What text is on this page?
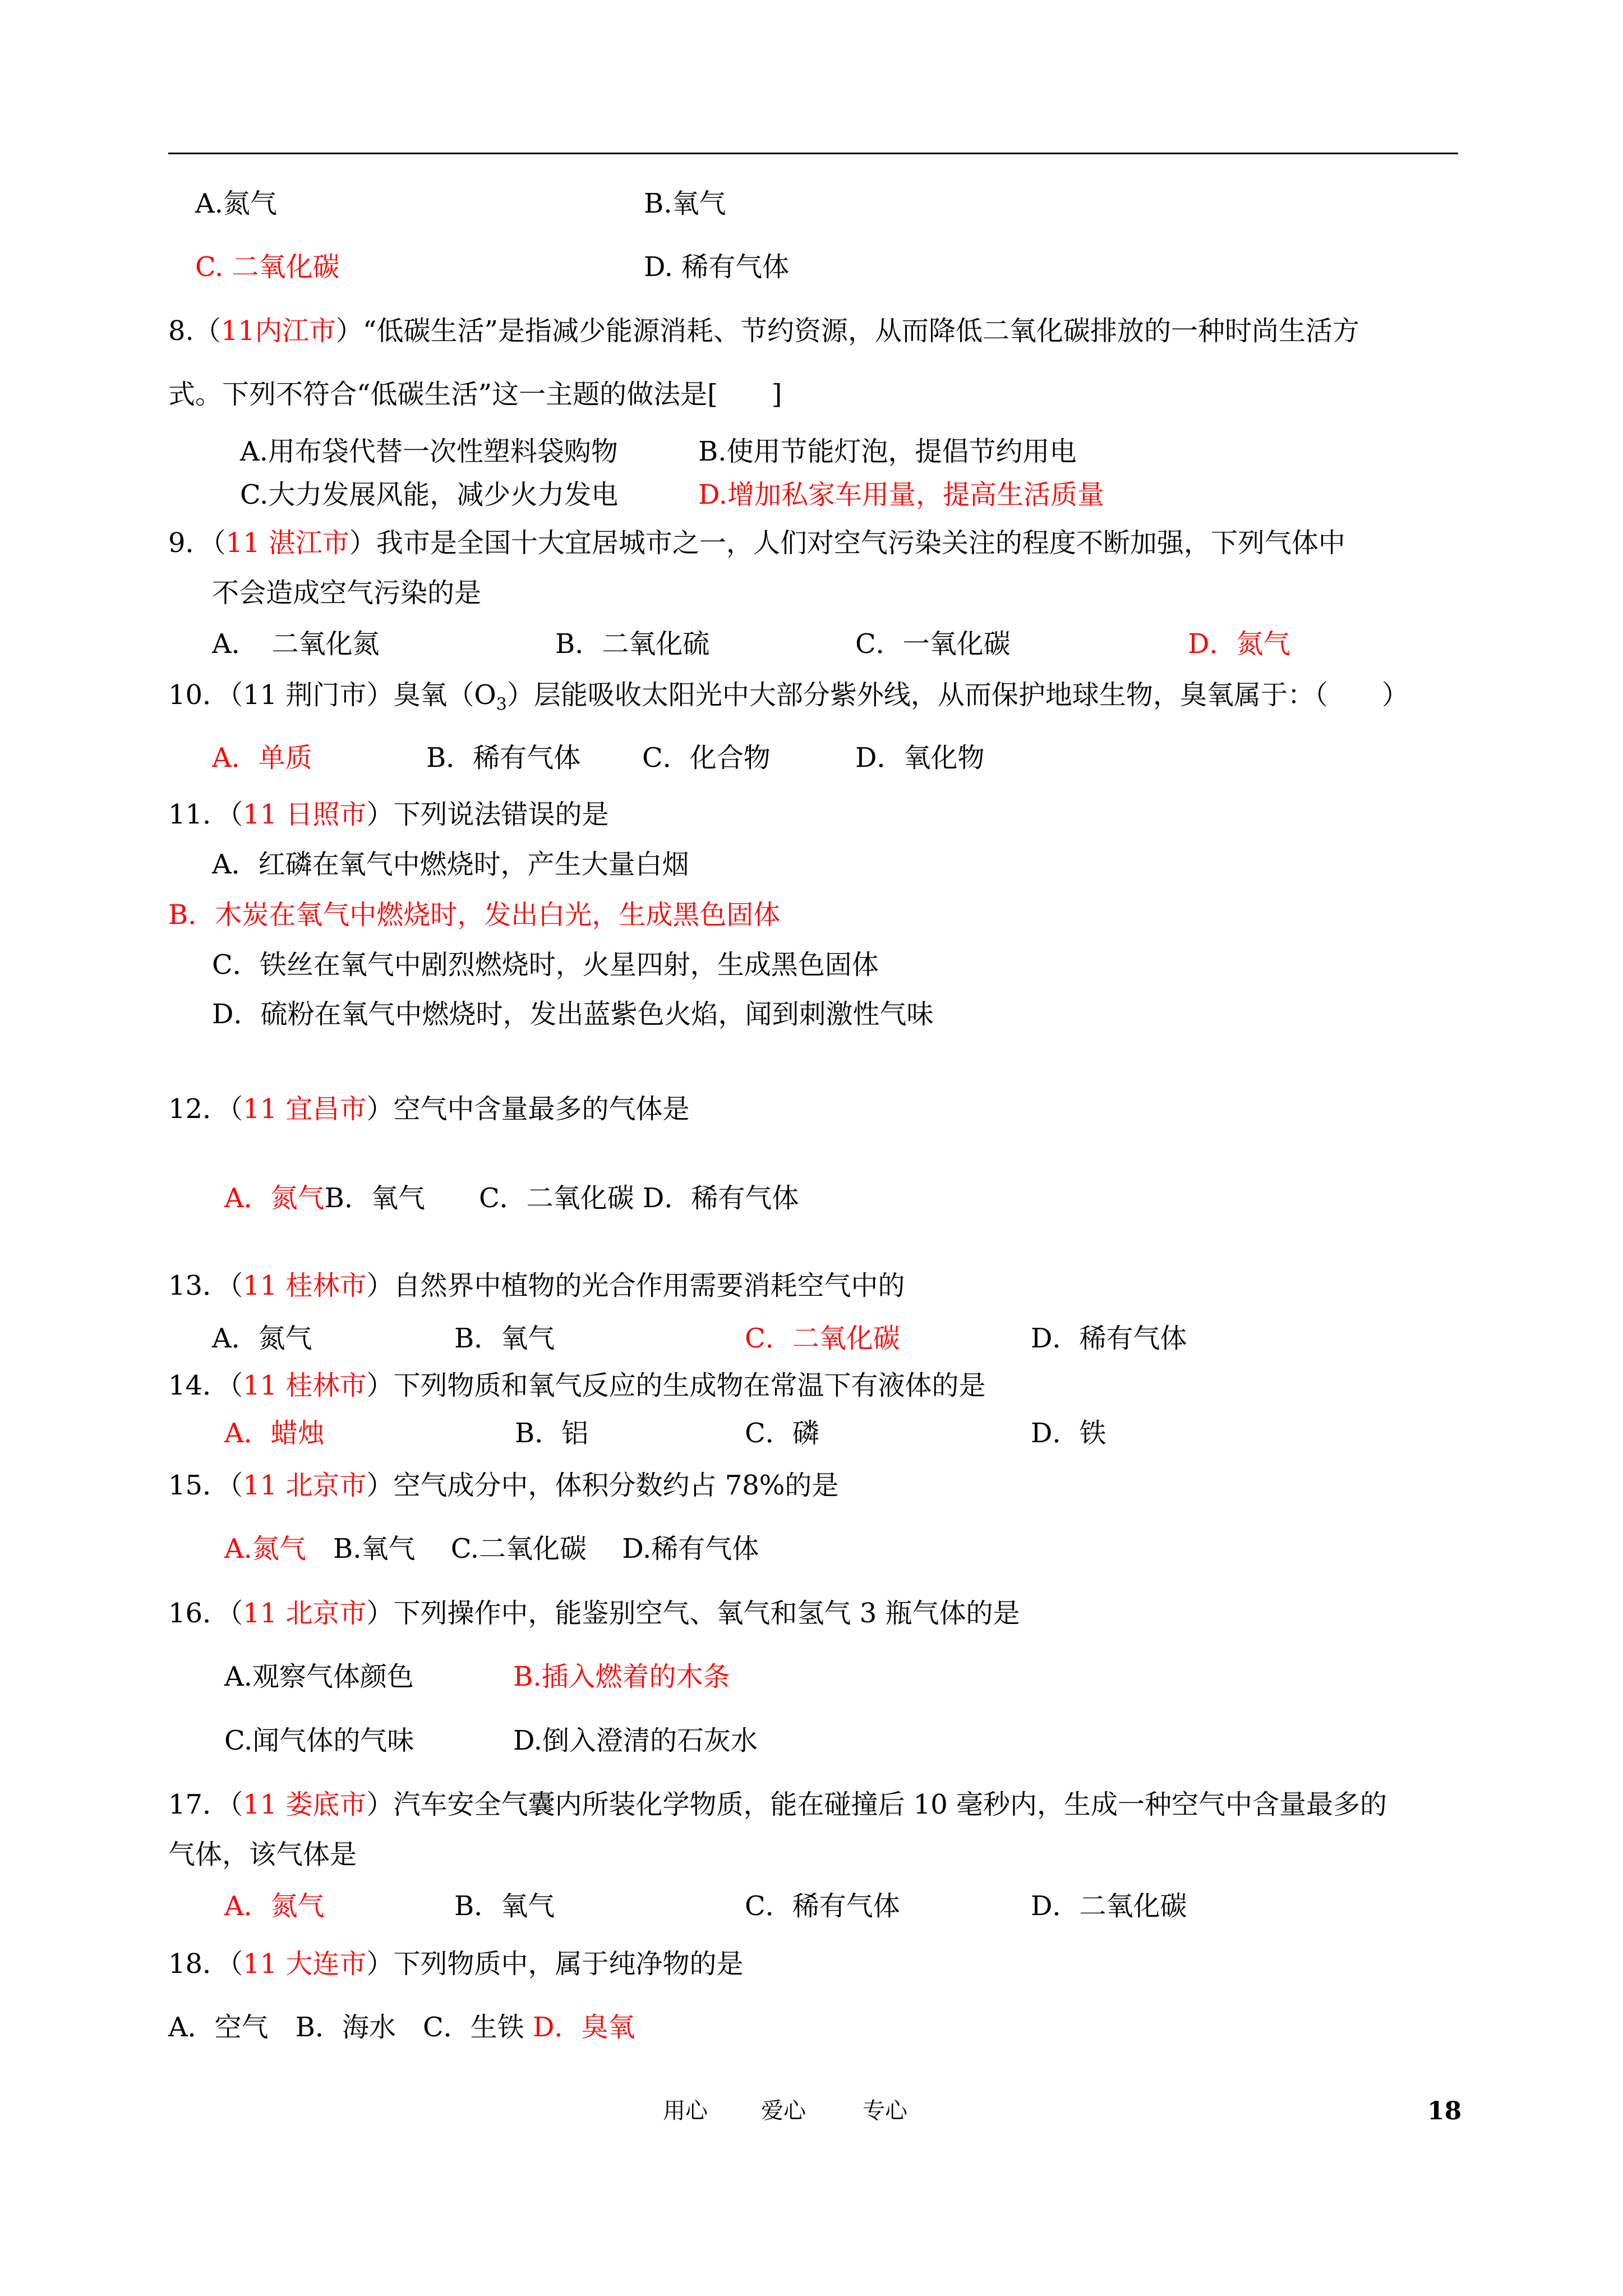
A.氮气	B.氧气
C. 二氧化碳	D. 稀有气体
8.（11内江市）“低碳生活”是指减少能源消耗、节约资源，从而降低二氧化碳排放的一种时尚生活方
式。下列不符合“低碳生活”这一主题的做法是[　　]
A.用布袋代替一次性塑料袋购物	B.使用节能灯泡，提倡节约用电
C.大力发展风能，减少火力发电	D.增加私家车用量，提高生活质量
9．（11 湛江市）我市是全国十大宜居城市之一，人们对空气污染关注的程度不断加强，下列气体中
不会造成空气污染的是
A．　二氧化氮	B．二氧化硫	C．一氧化碳	D．氮气
10．（11 荆门市）臭氧$(O_3)$层能吸收太阳光中大部分紫外线，从而保护地球生物，臭氧属于：（　　）
A．单质	B．稀有气体 C．化合物	D．氧化物
11．（11 日照市）下列说法错误的是
A．红磷在氧气中燃烧时，产生大量白烟
B．木炭在氧气中燃烧时，发出白光，生成黑色固体
C．铁丝在氧气中剧烈燃烧时，火星四射，生成黑色固体
D．硫粉在氧气中燃烧时，发出蓝紫色火焰，闻到刺激性气味
12．（11 宜昌市）空气中含量最多的气体是
A．氮气B．氧气　　C．二氧化碳 D．稀有气体
13．（11 桂林市）自然界中植物的光合作用需要消耗空气中的
A．氮气	B．氧气	C．二氧化碳	D．稀有气体
14．（11 桂林市）下列物质和氧气反应的生成物在常温下有液体的是
A．蜡烛	B．铝	C．磷	D．铁
15．（11 北京市）空气成分中，体积分数约占 78%的是
A.氮气　B.氧气　 C.二氧化碳　 D.稀有气体
16．（11 北京市）下列操作中，能鉴别空气、氧气和氢气 3 瓶气体的是
A.观察气体颜色	B.插入燃着的木条
C.闻气体的气味	D.倒入澄清的石灰水
17．（11 娄底市）汽车安全气囊内所装化学物质，能在碰撞后 10 毫秒内，生成一种空气中含量最多的
气体，该气体是
A．氮气	B．氧气	C．稀有气体	D．二氧化碳
18．（11 大连市）下列物质中，属于纯净物的是
A．空气　B．海水　C．生铁 D．臭氧
用心 爱心	专心	18
